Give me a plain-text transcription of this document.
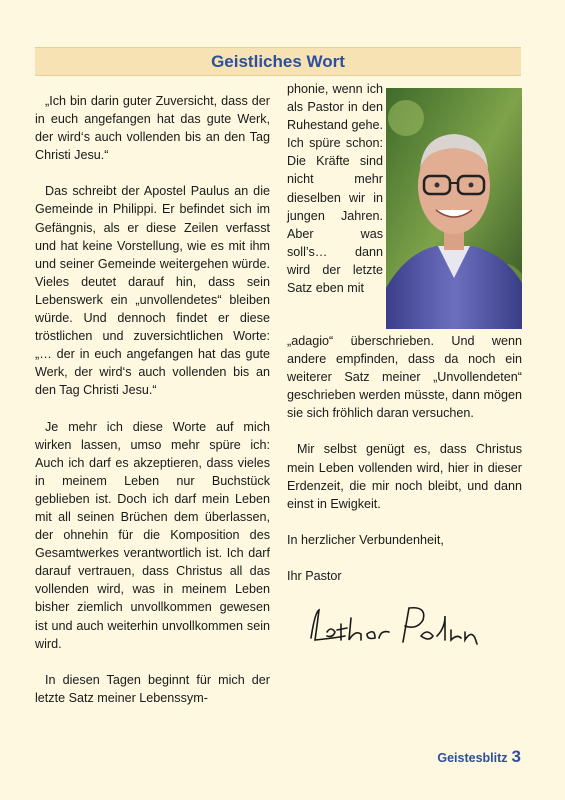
Geistliches Wort

„Ich bin darin guter Zuversicht, dass der in euch angefangen hat das gute Werk, der wird‘s auch vollenden bis an den Tag Christi Jesu.“

Das schreibt der Apostel Paulus an die Gemeinde in Philippi. Er befindet sich im Gefängnis, als er diese Zeilen verfasst und hat keine Vorstellung, wie es mit ihm und seiner Gemeinde weitergehen würde. Vieles deutet darauf hin, dass sein Lebenswerk ein „unvollendetes“ bleiben würde. Und dennoch findet er diese tröstlichen und zuversichtlichen Worte: „… der in euch angefangen hat das gute Werk, der wird‘s auch vollenden bis an den Tag Christi Jesu.“

Je mehr ich diese Worte auf mich wirken lassen, umso mehr spüre ich: Auch ich darf es akzeptieren, dass vieles in meinem Leben nur Buchstück geblieben ist. Doch ich darf mein Leben mit all seinen Brüchen dem überlassen, der ohnehin für die Komposition des Gesamtwerkes verantwortlich ist. Ich darf darauf vertrauen, dass Christus all das vollenden wird, was in meinem Leben bisher ziemlich unvollkommen gewesen ist und auch weiterhin unvollkommen sein wird.

In diesen Tagen beginnt für mich der letzte Satz meiner Lebenssym-

phonie, wenn ich als Pastor in den Ruhestand gehe. Ich spüre schon: Die Kräfte sind nicht mehr dieselben wir in jungen Jahren. Aber was soll’s… dann wird der letzte Satz eben mit

„adagio“ überschrieben. Und wenn andere empfinden, dass da noch ein weiterer Satz meiner „Unvollendeten“ geschrieben werden müsste, dann mögen sie sich fröhlich daran versuchen.

Mir selbst genügt es, dass Christus mein Leben vollenden wird, hier in dieser Erdenzeit, die mir noch bleibt, und dann einst in Ewigkeit.

In herzlicher Verbundenheit,

Ihr Pastor

Geistesblitz 3
